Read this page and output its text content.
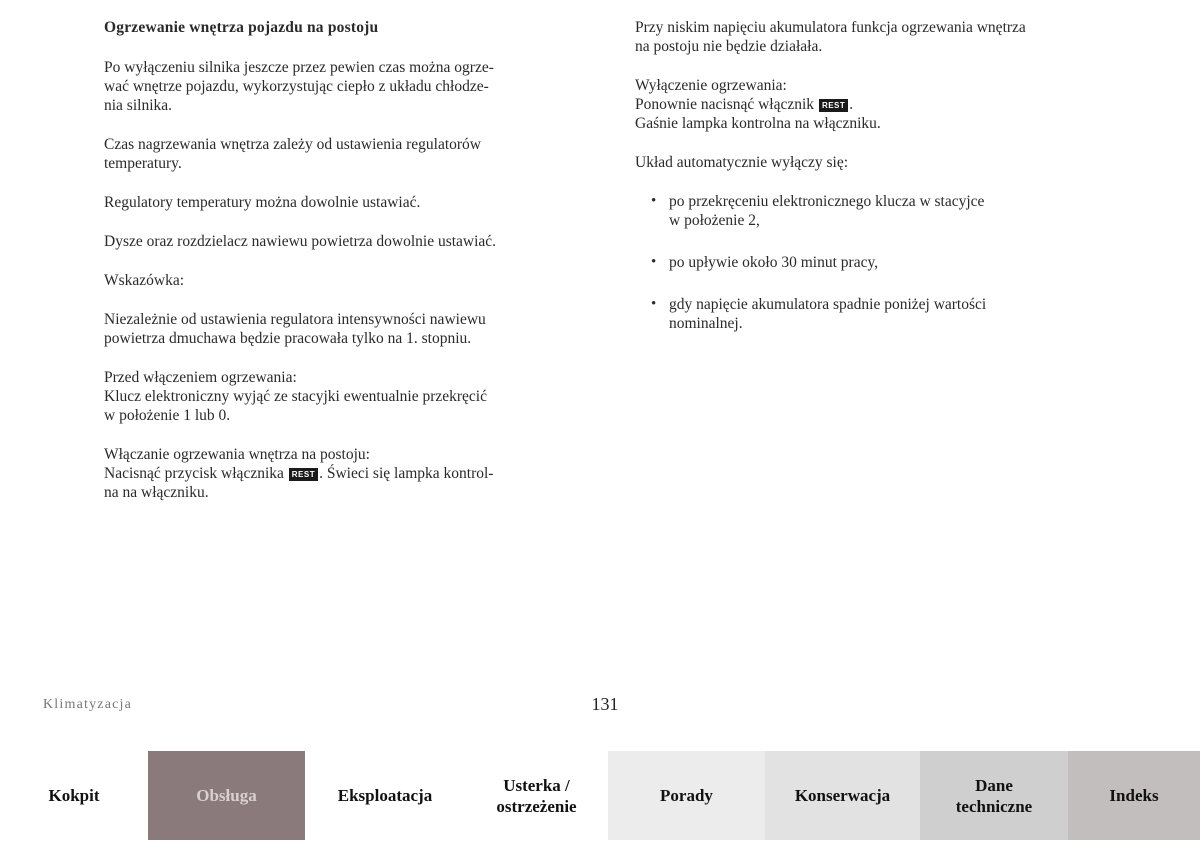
Ogrzewanie wnętrza pojazdu na postoju

Po wyłączeniu silnika jeszcze przez pewien czas można ogrze-
wać wnętrze pojazdu, wykorzystując ciepło z układu chłodze-
nia silnika.

Czas nagrzewania wnętrza zależy od ustawienia regulatorów
temperatury.

Regulatory temperatury można dowolnie ustawiać.

Dysze oraz rozdzielacz nawiewu powietrza dowolnie ustawiać.

Wskazówka:

Niezależnie od ustawienia regulatora intensywności nawiewu
powietrza dmuchawa będzie pracowała tylko na 1. stopniu.

Przed włączeniem ogrzewania:
Klucz elektroniczny wyjąć ze stacyjki ewentualnie przekręcić
w położenie 1 lub 0.

Włączanie ogrzewania wnętrza na postoju:
Nacisnąć przycisk włącznika REST . Świeci się lampka kontrol-
na na włączniku.

Przy niskim napięciu akumulatora funkcja ogrzewania wnętrza
na postoju nie będzie działała.

Wyłączenie ogrzewania:
Ponownie nacisnąć włącznik REST .
Gaśnie lampka kontrolna na włączniku.

Układ automatycznie wyłączy się:

• po przekręceniu elektronicznego klucza w stacyjce
w położenie 2,
• po upływie około 30 minut pracy,
• gdy napięcie akumulatora spadnie poniżej wartości
nominalnej.
Klimatyzacja	131
Kokpit	Obsługa	Eksploatacja
Usterka /
ostrzeżenie
Porady	Konserwacja
Dane
techniczne
Indeks
